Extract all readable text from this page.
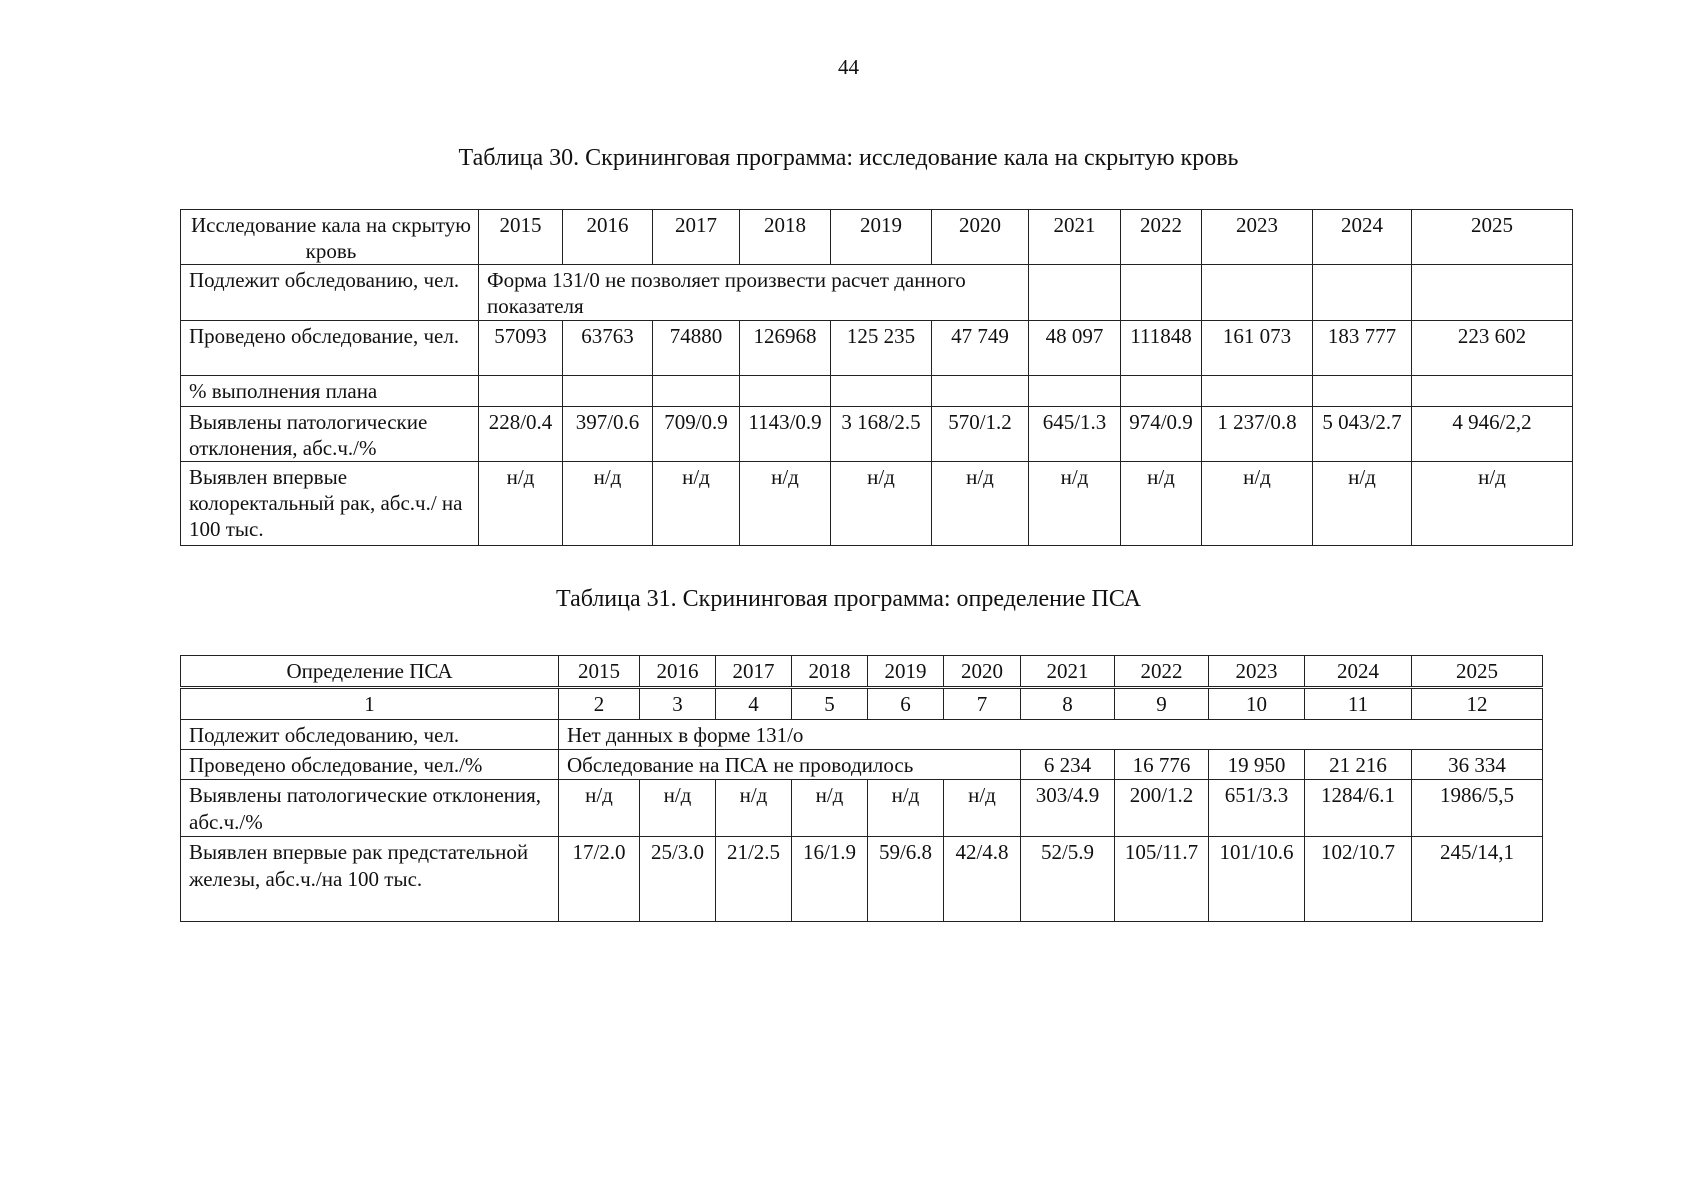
44
Таблица 30. Скрининговая программа: исследование кала на скрытую кровь
Исследование кала на скрытую кровь	2015	2016	2017	2018	2019	2020	2021	2022	2023	2024	2025
Подлежит обследованию, чел.	Форма 131/0 не позволяет произвести расчет данного показателя										
Проведено обследование, чел.	57093	63763	74880	126968	125 235	47 749	48 097	111848	161 073	183 777	223 602
% выполнения плана											
Выявлены патологические отклонения, абс.ч./%	228/0.4	397/0.6	709/0.9	1143/0.9	3 168/2.5	570/1.2	645/1.3	974/0.9	1 237/0.8	5 043/2.7	4 946/2,2
Выявлен впервые колоректальный рак, абс.ч./ на 100 тыс.	н/д	н/д	н/д	н/д	н/д	н/д	н/д	н/д	н/д	н/д	н/д
Таблица 31. Скрининговая программа: определение ПСА
Определение ПСА	2015	2016	2017	2018	2019	2020	2021	2022	2023	2024	2025
1	2	3	4	5	6	7	8	9	10	11	12
Подлежит обследованию, чел.	Нет данных в форме 131/о										
Проведено обследование, чел./%	Обследование на ПСА не проводилось						6 234	16 776	19 950	21 216	36 334
Выявлены патологические отклонения, абс.ч./%	н/д	н/д	н/д	н/д	н/д	н/д	303/4.9	200/1.2	651/3.3	1284/6.1	1986/5,5
Выявлен впервые рак предстательной железы, абс.ч./на 100 тыс.	17/2.0	25/3.0	21/2.5	16/1.9	59/6.8	42/4.8	52/5.9	105/11.7	101/10.6	102/10.7	245/14,1
